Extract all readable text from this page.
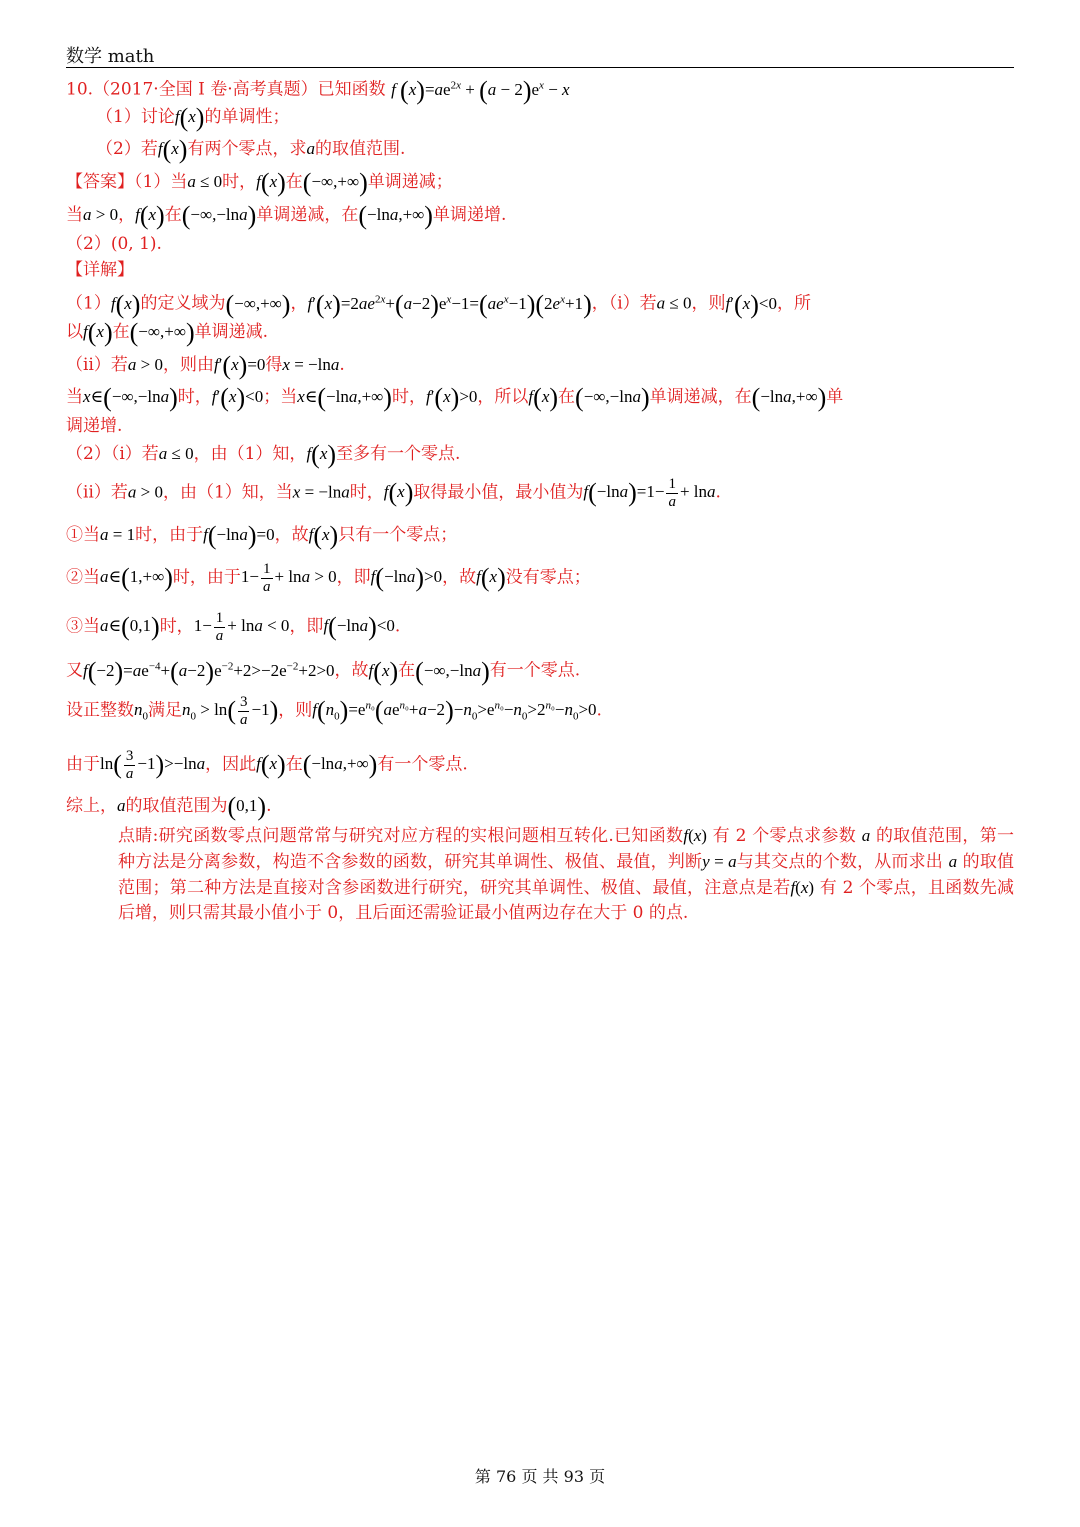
数学 math
10.（2017·全国 I 卷·高考真题）已知函数 f $(x)=ae^{2x} + (a - 2)e^x - x$
（1）讨论f(x)的单调性；
（2）若f(x)有两个零点，求a的取值范围.
【答案】（1）当a ≤ 0时，f(x)在(−∞,+∞)单调递减；
当a > 0，f(x)在(−∞,−lna)单调递减，在(−lna,+∞)单调递增.
（2）(0, 1).
【详解】
（1）f(x)的定义域为(−∞,+∞)，$f'(x)=2ae^{2x}+(a-2)e^x-1=(ae^x-1)(2e^x+1)$，（ⅰ）若a ≤ 0，则f′(x)<0，所
以f(x)在(−∞,+∞)单调递减.
（ⅱ）若a > 0，则由f′(x)=0得x = −lna.
当x∈(−∞,−lna)时，f′(x)<0；当x∈(−lna,+∞)时，f′(x)>0，所以f(x)在(−∞,−lna)单调递减，在(−lna,+∞)单
调递增.
（2）（ⅰ）若a ≤ 0，由（1）知，f(x)至多有一个零点.
（ⅱ）若a > 0，由（1）知，当x = −lna时，f(x)取得最小值，最小值为$f(-\ln a)=1- \frac{1}{a} + \ln a$.
①当a = 1时，由于f(−lna)=0，故f(x)只有一个零点；
②当a∈(1,+∞)时，由于$1- \frac{1}{a} + \ln a > 0$，即f(−lna)>0，故f(x)没有零点；
③当a∈(0,1)时，$1- \frac{1}{a} + \ln a < 0$，即f(−lna)<0.
又$f(-2)=ae^{-4}+(a-2)e^{-2}+2>-2e^{-2}+2>0$，故f(x)在(−∞,−lna)有一个零点.
设正整数$n_0$满足$n_0 > \ln( \frac{3}{a} -1)$，则$f(n_0)=e^{n_0}(ae^{n_0}+a-2)-n_0>e^{n_0}-n_0>2^{n_0}-n_0>0$.
由于$\ln( \frac{3}{a} -1)>-\ln a$，因此f(x)在(−lna,+∞)有一个零点.
综上，a的取值范围为(0,1).
点睛:研究函数零点问题常常与研究对应方程的实根问题相互转化.已知函数f(x) 有 2 个零点求参数 a 的取值范围，第一种方法是分离参数，构造不含参数的函数，研究其单调性、极值、最值，判断y = a与其交点的个数，从而求出 a 的取值范围；第二种方法是直接对含参函数进行研究，研究其单调性、极值、最值，注意点是若f(x) 有 2 个零点，且函数先减后增，则只需其最小值小于 0，且后面还需验证最小值两边存在大于 0 的点.
第 76 页 共 93 页
